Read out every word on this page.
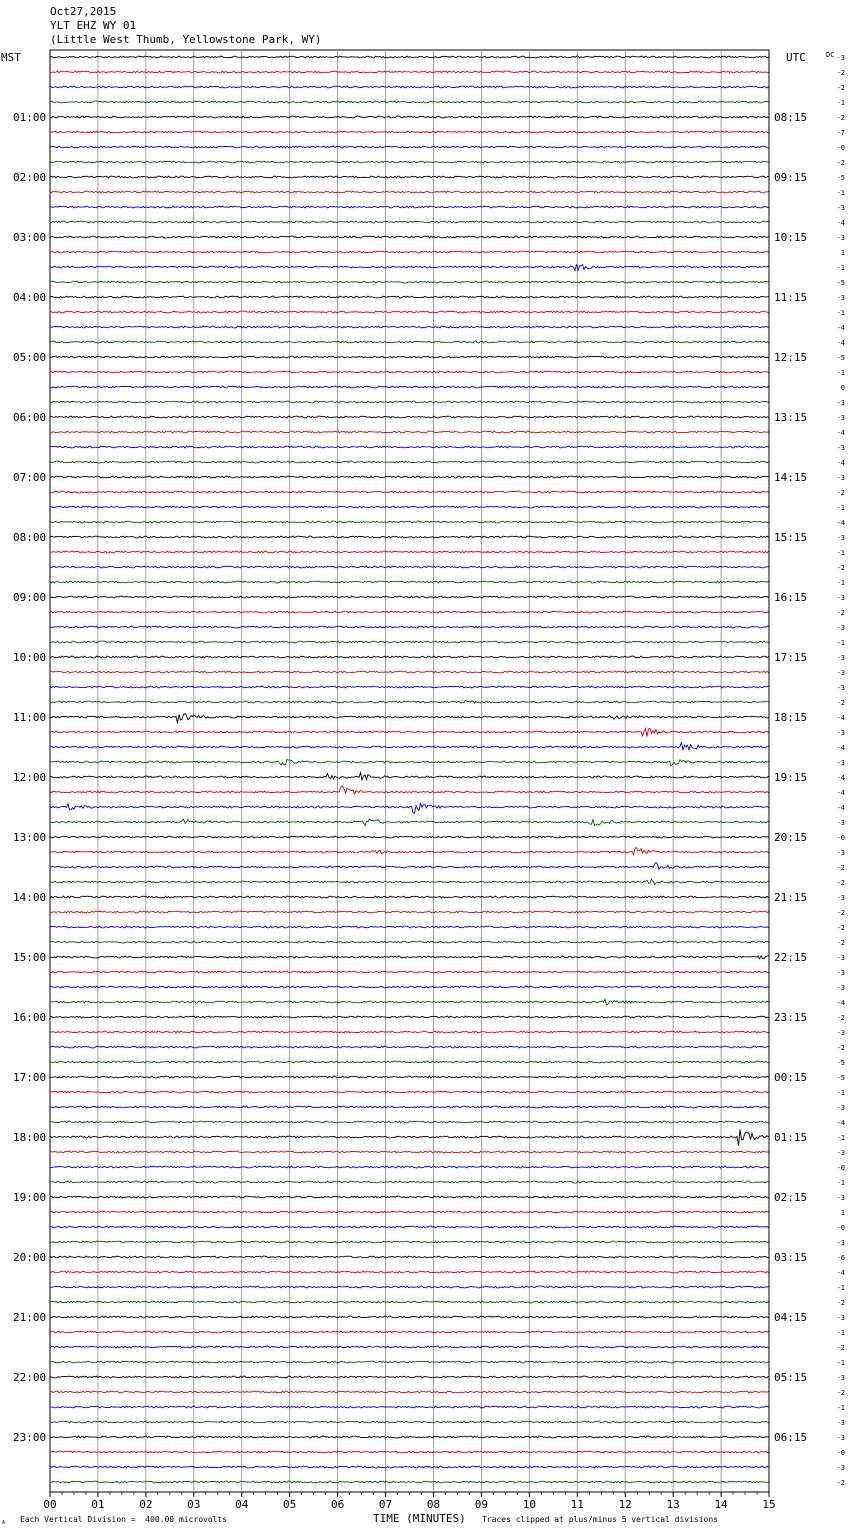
Oct27,2015
YLT EHZ WY 01
(Little West Thumb, Yellowstone Park, WY)
00	01	02	03	04	05	06	07	08	09	10	11	12	13	14	15
MST	UTC	DC
01:00
02:00
03:00
04:00
05:00
06:00
07:00
08:00
09:00
10:00
11:00
12:00
13:00
14:00
15:00
16:00
17:00
18:00
19:00
20:00
21:00
22:00
23:00
08:15
09:15
10:15
11:15
12:15
13:15
14:15
15:15
16:15
17:15
18:15
19:15
20:15
21:15
22:15
23:15
00:15
01:15
02:15
03:15
04:15
05:15
06:15
-3
-2
-2
-1
-2
-7
-0
-2
-5
-1
-3
-4
-3
1
-1
-5
-3
-1
-4
-4
-5
-1
0
-3
-3
-4
-3
-4
-3
-2
-1
-4
-3
-1
-2
-1
-3
-2
-3
-1
-3
-3
-3
-2
-4
-3
-4
-3
-4
-4
-4
-3
-0
-3
-2
-2
-3
-2
-2
-2
-3
-3
-3
-4
-2
-3
-2
-5
-5
-1
-3
-4
-1
-3
-0
-1
-3
1
-0
-3
-6
-4
-1
-2
-3
-1
-2
-1
-3
-2
-1
-3
-3
-0
-3
-2
Each Vertical Division =  400.00 microvolts	TIME (MINUTES) Traces clipped at plus/minus 5 vertical divisions
A
